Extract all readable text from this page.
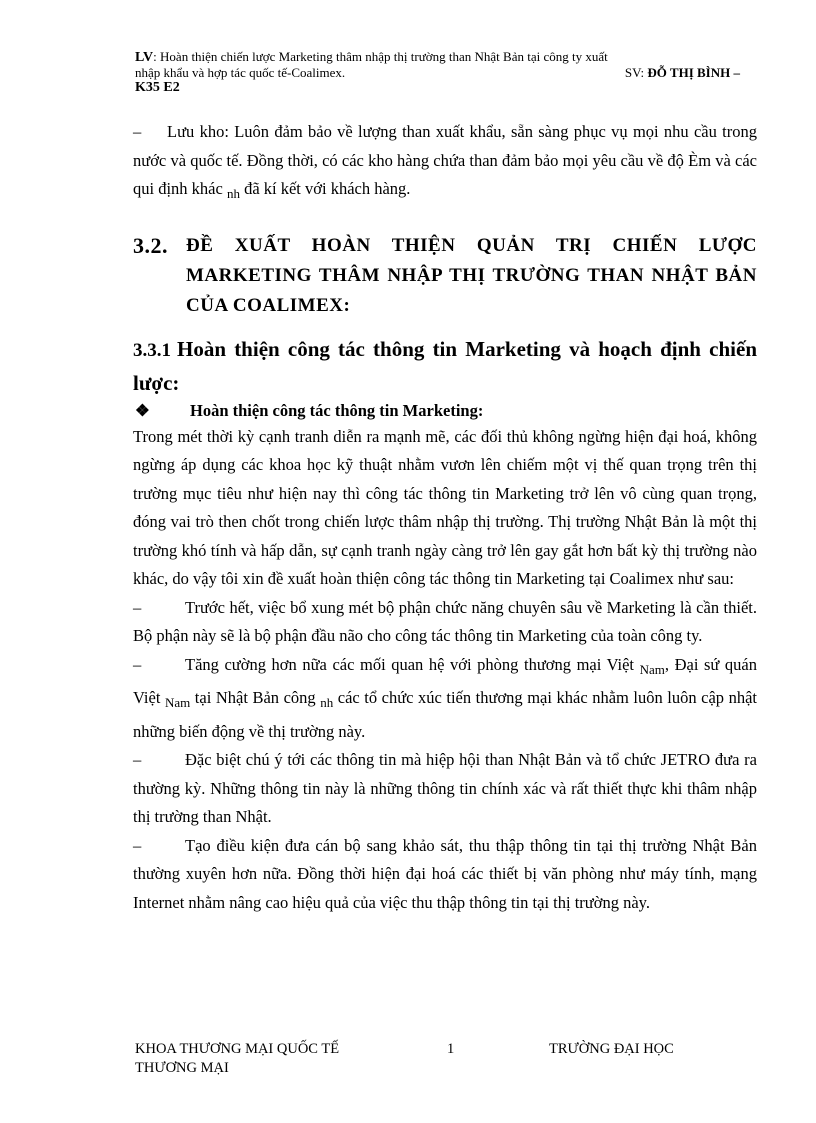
LV: Hoàn thiện chiến lược Marketing thâm nhập thị trường than Nhật Bản tại công ty xuất
nhập khẩu và hợp tác quốc tế-Coalimex.	SV: ĐỖ THỊ BÌNH –
K35 E2

– Lưu kho: Luôn đảm bảo về lượng than xuất khẩu, sẵn sàng phục vụ mọi nhu cầu trong nước và quốc tế. Đồng thời, có các kho hàng chứa than đảm bảo mọi yêu cầu về độ Èm và các qui định khác $_{nh}$ đã kí kết với khách hàng.

3.2. ĐỀ XUẤT HOÀN THIỆN QUẢN TRỊ CHIẾN LƯỢC MARKETING THÂM NHẬP THỊ TRƯỜNG THAN NHẬT BẢN CỦA COALIMEX:
3.3.1 Hoàn thiện công tác thông tin Marketing và hoạch định chiến lược:
❖	Hoàn thiện công tác thông tin Marketing:

Trong mét thời kỳ cạnh tranh diễn ra mạnh mẽ, các đối thủ không ngừng hiện đại hoá, không ngừng áp dụng các khoa học kỹ thuật nhằm vươn lên chiếm một vị thế quan trọng trên thị trường mục tiêu như hiện nay thì công tác thông tin Marketing trở lên vô cùng quan trọng, đóng vai trò then chốt trong chiến lược thâm nhập thị trường. Thị trường Nhật Bản là một thị trường khó tính và hấp dẫn, sự cạnh tranh ngày càng trở lên gay gắt hơn bất kỳ thị trường nào khác, do vậy tôi xin đề xuất hoàn thiện công tác thông tin Marketing tại Coalimex như sau:

–	Trước hết, việc bổ xung mét bộ phận chức năng chuyên sâu về Marketing là cần thiết. Bộ phận này sẽ là bộ phận đầu não cho công tác thông tin Marketing của toàn công ty.

–	Tăng cường hơn nữa các mối quan hệ với phòng thương mại Việt $_{Nam}$, Đại sứ quán Việt $_{Nam}$ tại Nhật Bản công $_{nh}$ các tổ chức xúc tiến thương mại khác nhằm luôn luôn cập nhật những biến động về thị trường này.

–	Đặc biệt chú ý tới các thông tin mà hiệp hội than Nhật Bản và tổ chức JETRO đưa ra thường kỳ. Những thông tin này là những thông tin chính xác và rất thiết thực khi thâm nhập thị trường than Nhật.

–	Tạo điều kiện đưa cán bộ sang khảo sát, thu thập thông tin tại thị trường Nhật Bản thường xuyên hơn nữa. Đồng thời hiện đại hoá các thiết bị văn phòng như máy tính, mạng Internet nhằm nâng cao hiệu quả của việc thu thập thông tin tại thị trường này.

KHOA THƯƠNG MẠI QUỐC TẾ
THƯƠNG MẠI
1	TRƯỜNG ĐẠI HỌC
